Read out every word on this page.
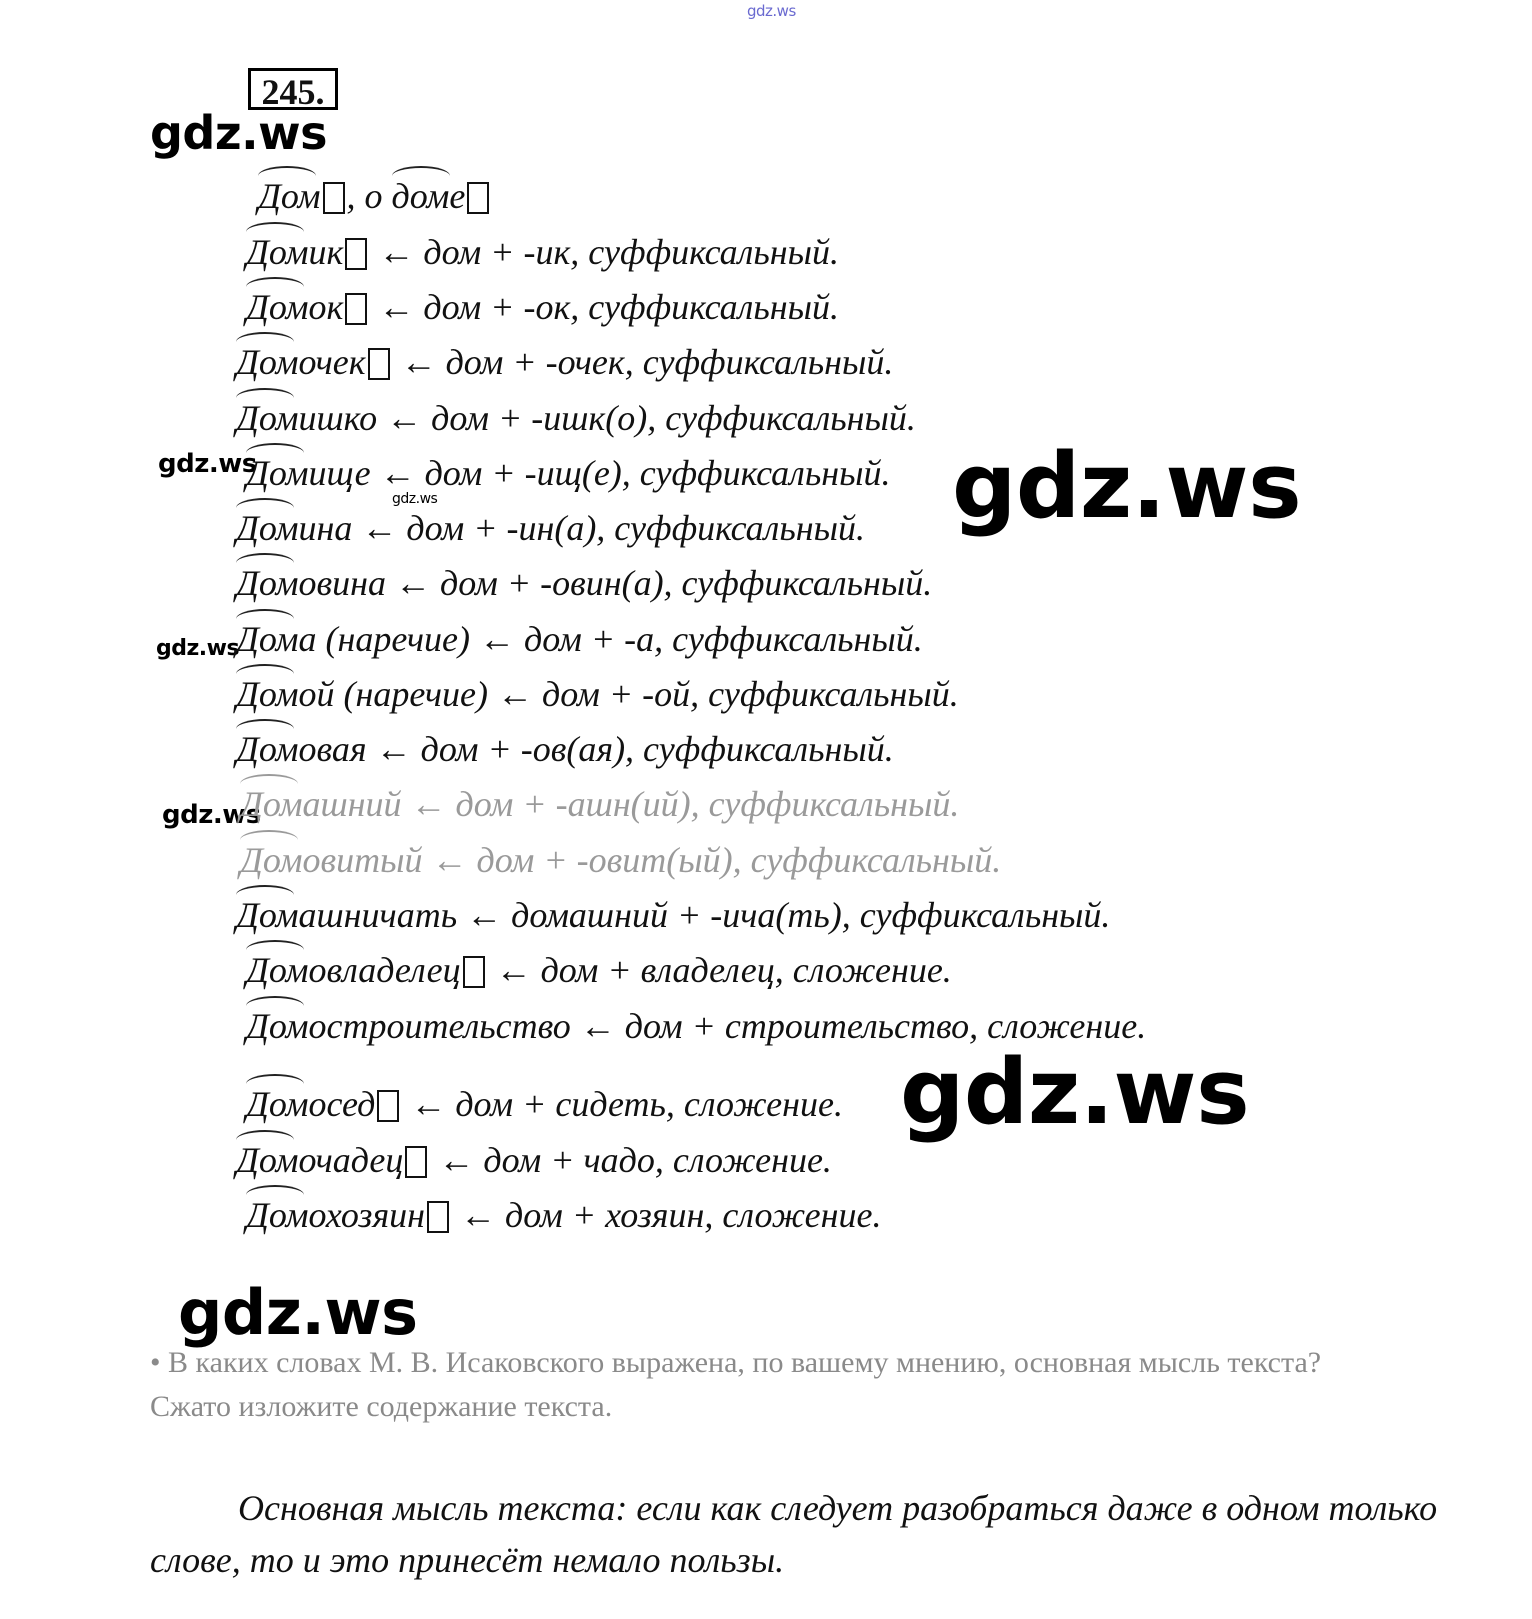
gdz.ws
gdz.ws
gdz.ws
gdz.ws	gdz.ws
gdz.ws
gdz.ws
gdz.ws
gdz.ws
245.
Дом , о доме
Домик ← дом + -ик, суффиксальный.
Домок ← дом + -ок, суффиксальный.
Домочек ← дом + -очек, суффиксальный.
Домишко ← дом + -ишк(о), суффиксальный.
Домище ← дом + -ищ(е), суффиксальный.
Домина ← дом + -ин(а), суффиксальный.
Домовина ← дом + -овин(а), суффиксальный.
Дома (наречие) ← дом + -а, суффиксальный.
Домой (наречие) ← дом + -ой, суффиксальный.
Домовая ← дом + -ов(ая), суффиксальный.
Домашний ← дом + -ашн(ий), суффиксальный.
Домовитый ← дом + -овит(ый), суффиксальный.
Домашничать ← домашний + -ича(ть), суффиксальный.
Домовладелец ← дом + владелец, сложение.
Домостроительство ← дом + строительство, сложение.
Домосед ← дом + сидеть, сложение.
Домочадец ← дом + чадо, сложение.
Домохозяин ← дом + хозяин, сложение.
• В каких словах М. В. Исаковского выражена, по вашему мнению, основная мысль текста? Сжато изложите содержание текста.
Основная мысль текста: если как следует разобраться даже в одном только слове, то и это принесёт немало пользы.
